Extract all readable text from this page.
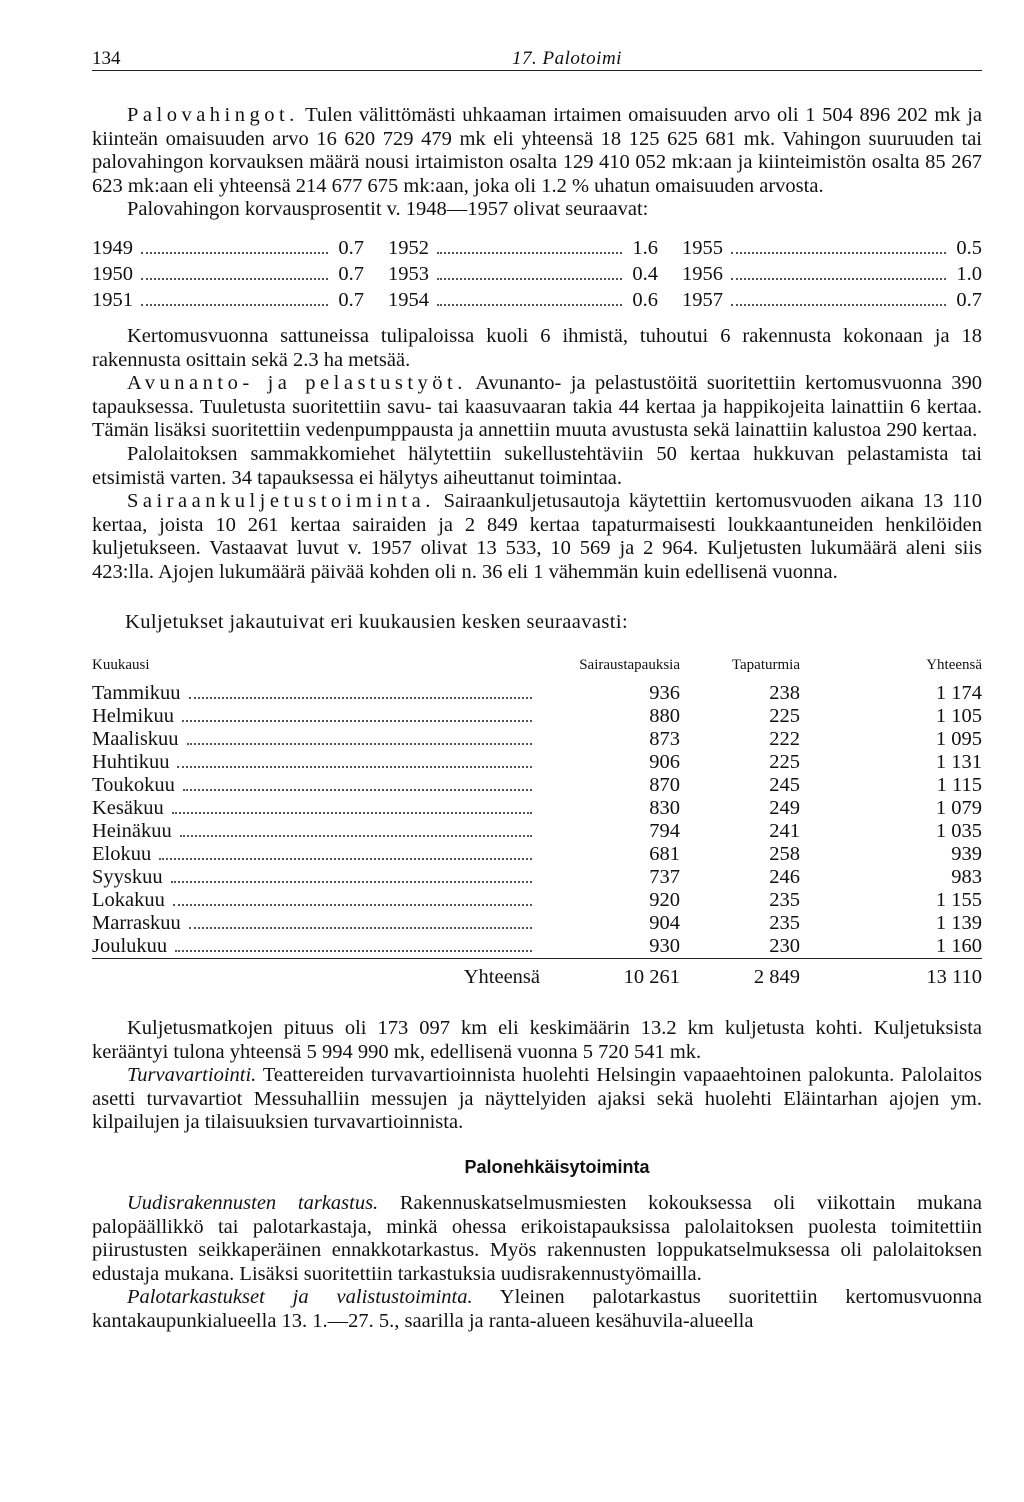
134	17. Palotoimi

Palovahingot. Tulen välittömästi uhkaaman irtaimen omaisuuden arvo oli 1 504 896 202 mk ja kiinteän omaisuuden arvo 16 620 729 479 mk eli yhteensä 18 125 625 681 mk. Vahingon suuruuden tai palovahingon korvauksen määrä nousi irtaimiston osalta 129 410 052 mk:aan ja kiinteimistön osalta 85 267 623 mk:aan eli yhteensä 214 677 675 mk:aan, joka oli 1.2 % uhatun omaisuuden arvosta.

Palovahingon korvausprosentit v. 1948—1957 olivat seuraavat:

1949	0.7 1952	1.6 1955	0.5
1950	0.7 1953	0.4 1956	1.0
1951	0.7 1954	0.6 1957	0.7

Kertomusvuonna sattuneissa tulipaloissa kuoli 6 ihmistä, tuhoutui 6 rakennusta kokonaan ja 18 rakennusta osittain sekä 2.3 ha metsää.

Avunanto- ja pelastustyöt. Avunanto- ja pelastustöitä suoritettiin kertomusvuonna 390 tapauksessa. Tuuletusta suoritettiin savu- tai kaasuvaaran takia 44 kertaa ja happikojeita lainattiin 6 kertaa. Tämän lisäksi suoritettiin vedenpumppausta ja annettiin muuta avustusta sekä lainattiin kalustoa 290 kertaa.

Palolaitoksen sammakkomiehet hälytettiin sukellustehtäviin 50 kertaa hukkuvan pelastamista tai etsimistä varten. 34 tapauksessa ei hälytys aiheuttanut toimintaa.

Sairaankuljetustoiminta. Sairaankuljetusautoja käytettiin kertomusvuoden aikana 13 110 kertaa, joista 10 261 kertaa sairaiden ja 2 849 kertaa tapaturmaisesti loukkaantuneiden henkilöiden kuljetukseen. Vastaavat luvut v. 1957 olivat 13 533, 10 569 ja 2 964. Kuljetusten lukumäärä aleni siis 423:lla. Ajojen lukumäärä päivää kohden oli n. 36 eli 1 vähemmän kuin edellisenä vuonna.

Kuljetukset jakautuivat eri kuukausien kesken seuraavasti:

Kuukausi	Sairaustapauksia	Tapaturmia	Yhteensä

Tammikuu	936	238	1 174

Helmikuu	880	225	1 105

Maaliskuu	873	222	1 095

Huhtikuu	906	225	1 131

Toukokuu	870	245	1 115

Kesäkuu	830	249	1 079

Heinäkuu	794	241	1 035

Elokuu	681	258	939

Syyskuu	737	246	983

Lokakuu	920	235	1 155

Marraskuu	904	235	1 139

Joulukuu	930	230	1 160
Yhteensä	10 261	2 849	13 110

Kuljetusmatkojen pituus oli 173 097 km eli keskimäärin 13.2 km kuljetusta kohti. Kuljetuksista kerääntyi tulona yhteensä 5 994 990 mk, edellisenä vuonna 5 720 541 mk.

Turvavartiointi. Teattereiden turvavartioinnista huolehti Helsingin vapaaehtoinen palokunta. Palolaitos asetti turvavartiot Messuhalliin messujen ja näyttelyiden ajaksi sekä huolehti Eläintarhan ajojen ym. kilpailujen ja tilaisuuksien turvavartioinnista.

Palonehkäisytoiminta

Uudisrakennusten tarkastus. Rakennuskatselmusmiesten kokouksessa oli viikottain mukana palopäällikkö tai palotarkastaja, minkä ohessa erikoistapauksissa palolaitoksen puolesta toimitettiin piirustusten seikkaperäinen ennakkotarkastus. Myös rakennusten loppukatselmuksessa oli palolaitoksen edustaja mukana. Lisäksi suoritettiin tarkastuksia uudisrakennustyömailla.

Palotarkastukset ja valistustoiminta. Yleinen palotarkastus suoritettiin kertomusvuonna kantakaupunkialueella 13. 1.—27. 5., saarilla ja ranta-alueen kesähuvila-alueella
